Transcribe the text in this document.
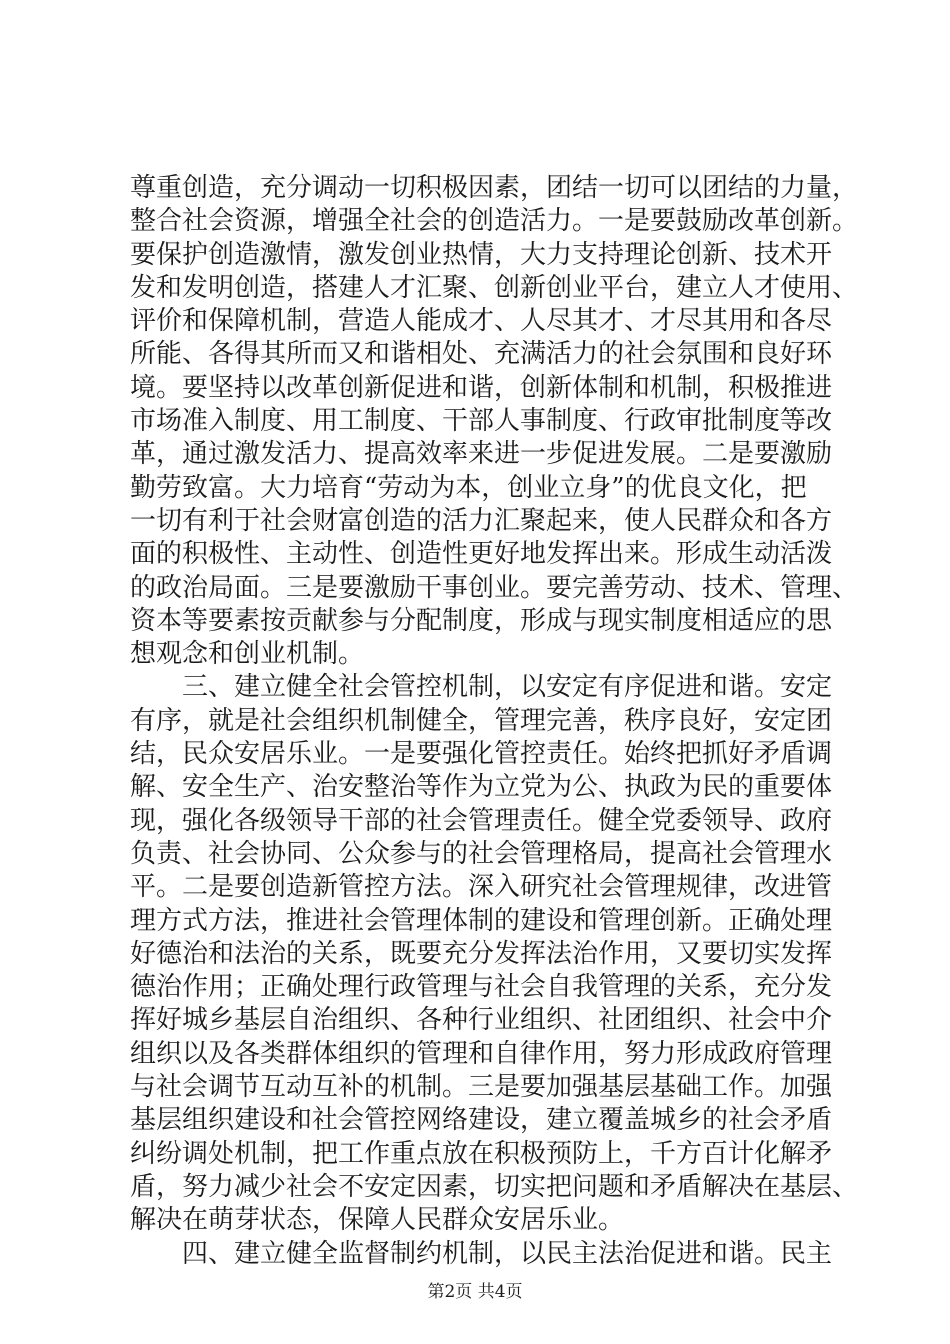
尊重创造，充分调动一切积极因素，团结一切可以团结的力量，
整合社会资源，增强全社会的创造活力。一是要鼓励改革创新。
要保护创造激情，激发创业热情，大力支持理论创新、技术开
发和发明创造，搭建人才汇聚、创新创业平台，建立人才使用、
评价和保障机制，营造人能成才、人尽其才、才尽其用和各尽
所能、各得其所而又和谐相处、充满活力的社会氛围和良好环
境。要坚持以改革创新促进和谐，创新体制和机制，积极推进
市场准入制度、用工制度、干部人事制度、行政审批制度等改
革，通过激发活力、提高效率来进一步促进发展。二是要激励
勤劳致富。大力培育“劳动为本，创业立身”的优良文化，把
一切有利于社会财富创造的活力汇聚起来，使人民群众和各方
面的积极性、主动性、创造性更好地发挥出来。形成生动活泼
的政治局面。三是要激励干事创业。要完善劳动、技术、管理、
资本等要素按贡献参与分配制度，形成与现实制度相适应的思
想观念和创业机制。
　　三、建立健全社会管控机制，以安定有序促进和谐。安定
有序，就是社会组织机制健全，管理完善，秩序良好，安定团
结，民众安居乐业。一是要强化管控责任。始终把抓好矛盾调
解、安全生产、治安整治等作为立党为公、执政为民的重要体
现，强化各级领导干部的社会管理责任。健全党委领导、政府
负责、社会协同、公众参与的社会管理格局，提高社会管理水
平。二是要创造新管控方法。深入研究社会管理规律，改进管
理方式方法，推进社会管理体制的建设和管理创新。正确处理
好德治和法治的关系，既要充分发挥法治作用，又要切实发挥
德治作用；正确处理行政管理与社会自我管理的关系，充分发
挥好城乡基层自治组织、各种行业组织、社团组织、社会中介
组织以及各类群体组织的管理和自律作用，努力形成政府管理
与社会调节互动互补的机制。三是要加强基层基础工作。加强
基层组织建设和社会管控网络建设，建立覆盖城乡的社会矛盾
纠纷调处机制，把工作重点放在积极预防上，千方百计化解矛
盾，努力减少社会不安定因素，切实把问题和矛盾解决在基层、
解决在萌芽状态，保障人民群众安居乐业。
　　四、建立健全监督制约机制，以民主法治促进和谐。民主
第2页 共4页
